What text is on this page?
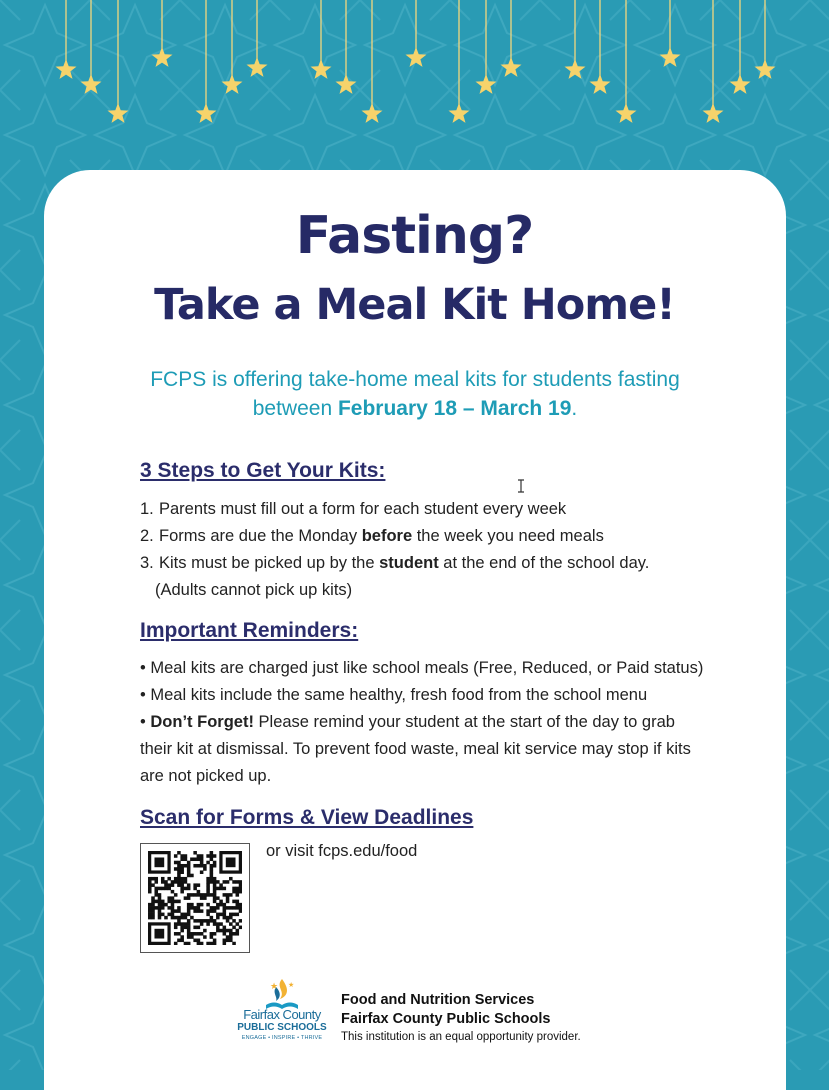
Fasting?
Take a Meal Kit Home!
FCPS is offering take-home meal kits for students fasting
between February 18 – March 19.
3 Steps to Get Your Kits:
1. Parents must fill out a form for each student every week
2. Forms are due the Monday before the week you need meals
3. Kits must be picked up by the student at the end of the school day.
(Adults cannot pick up kits)
Important Reminders:
• Meal kits are charged just like school meals (Free, Reduced, or Paid status)
• Meal kits include the same healthy, fresh food from the school menu
• Don’t Forget! Please remind your student at the start of the day to grab
their kit at dismissal. To prevent food waste, meal kit service may stop if kits
are not picked up.
Scan for Forms & View Deadlines
or visit fcps.edu/food
★ ★
Fairfax County
PUBLIC SCHOOLS
ENGAGE • INSPIRE • THRIVE
Food and Nutrition Services
Fairfax County Public Schools
This institution is an equal opportunity provider.
